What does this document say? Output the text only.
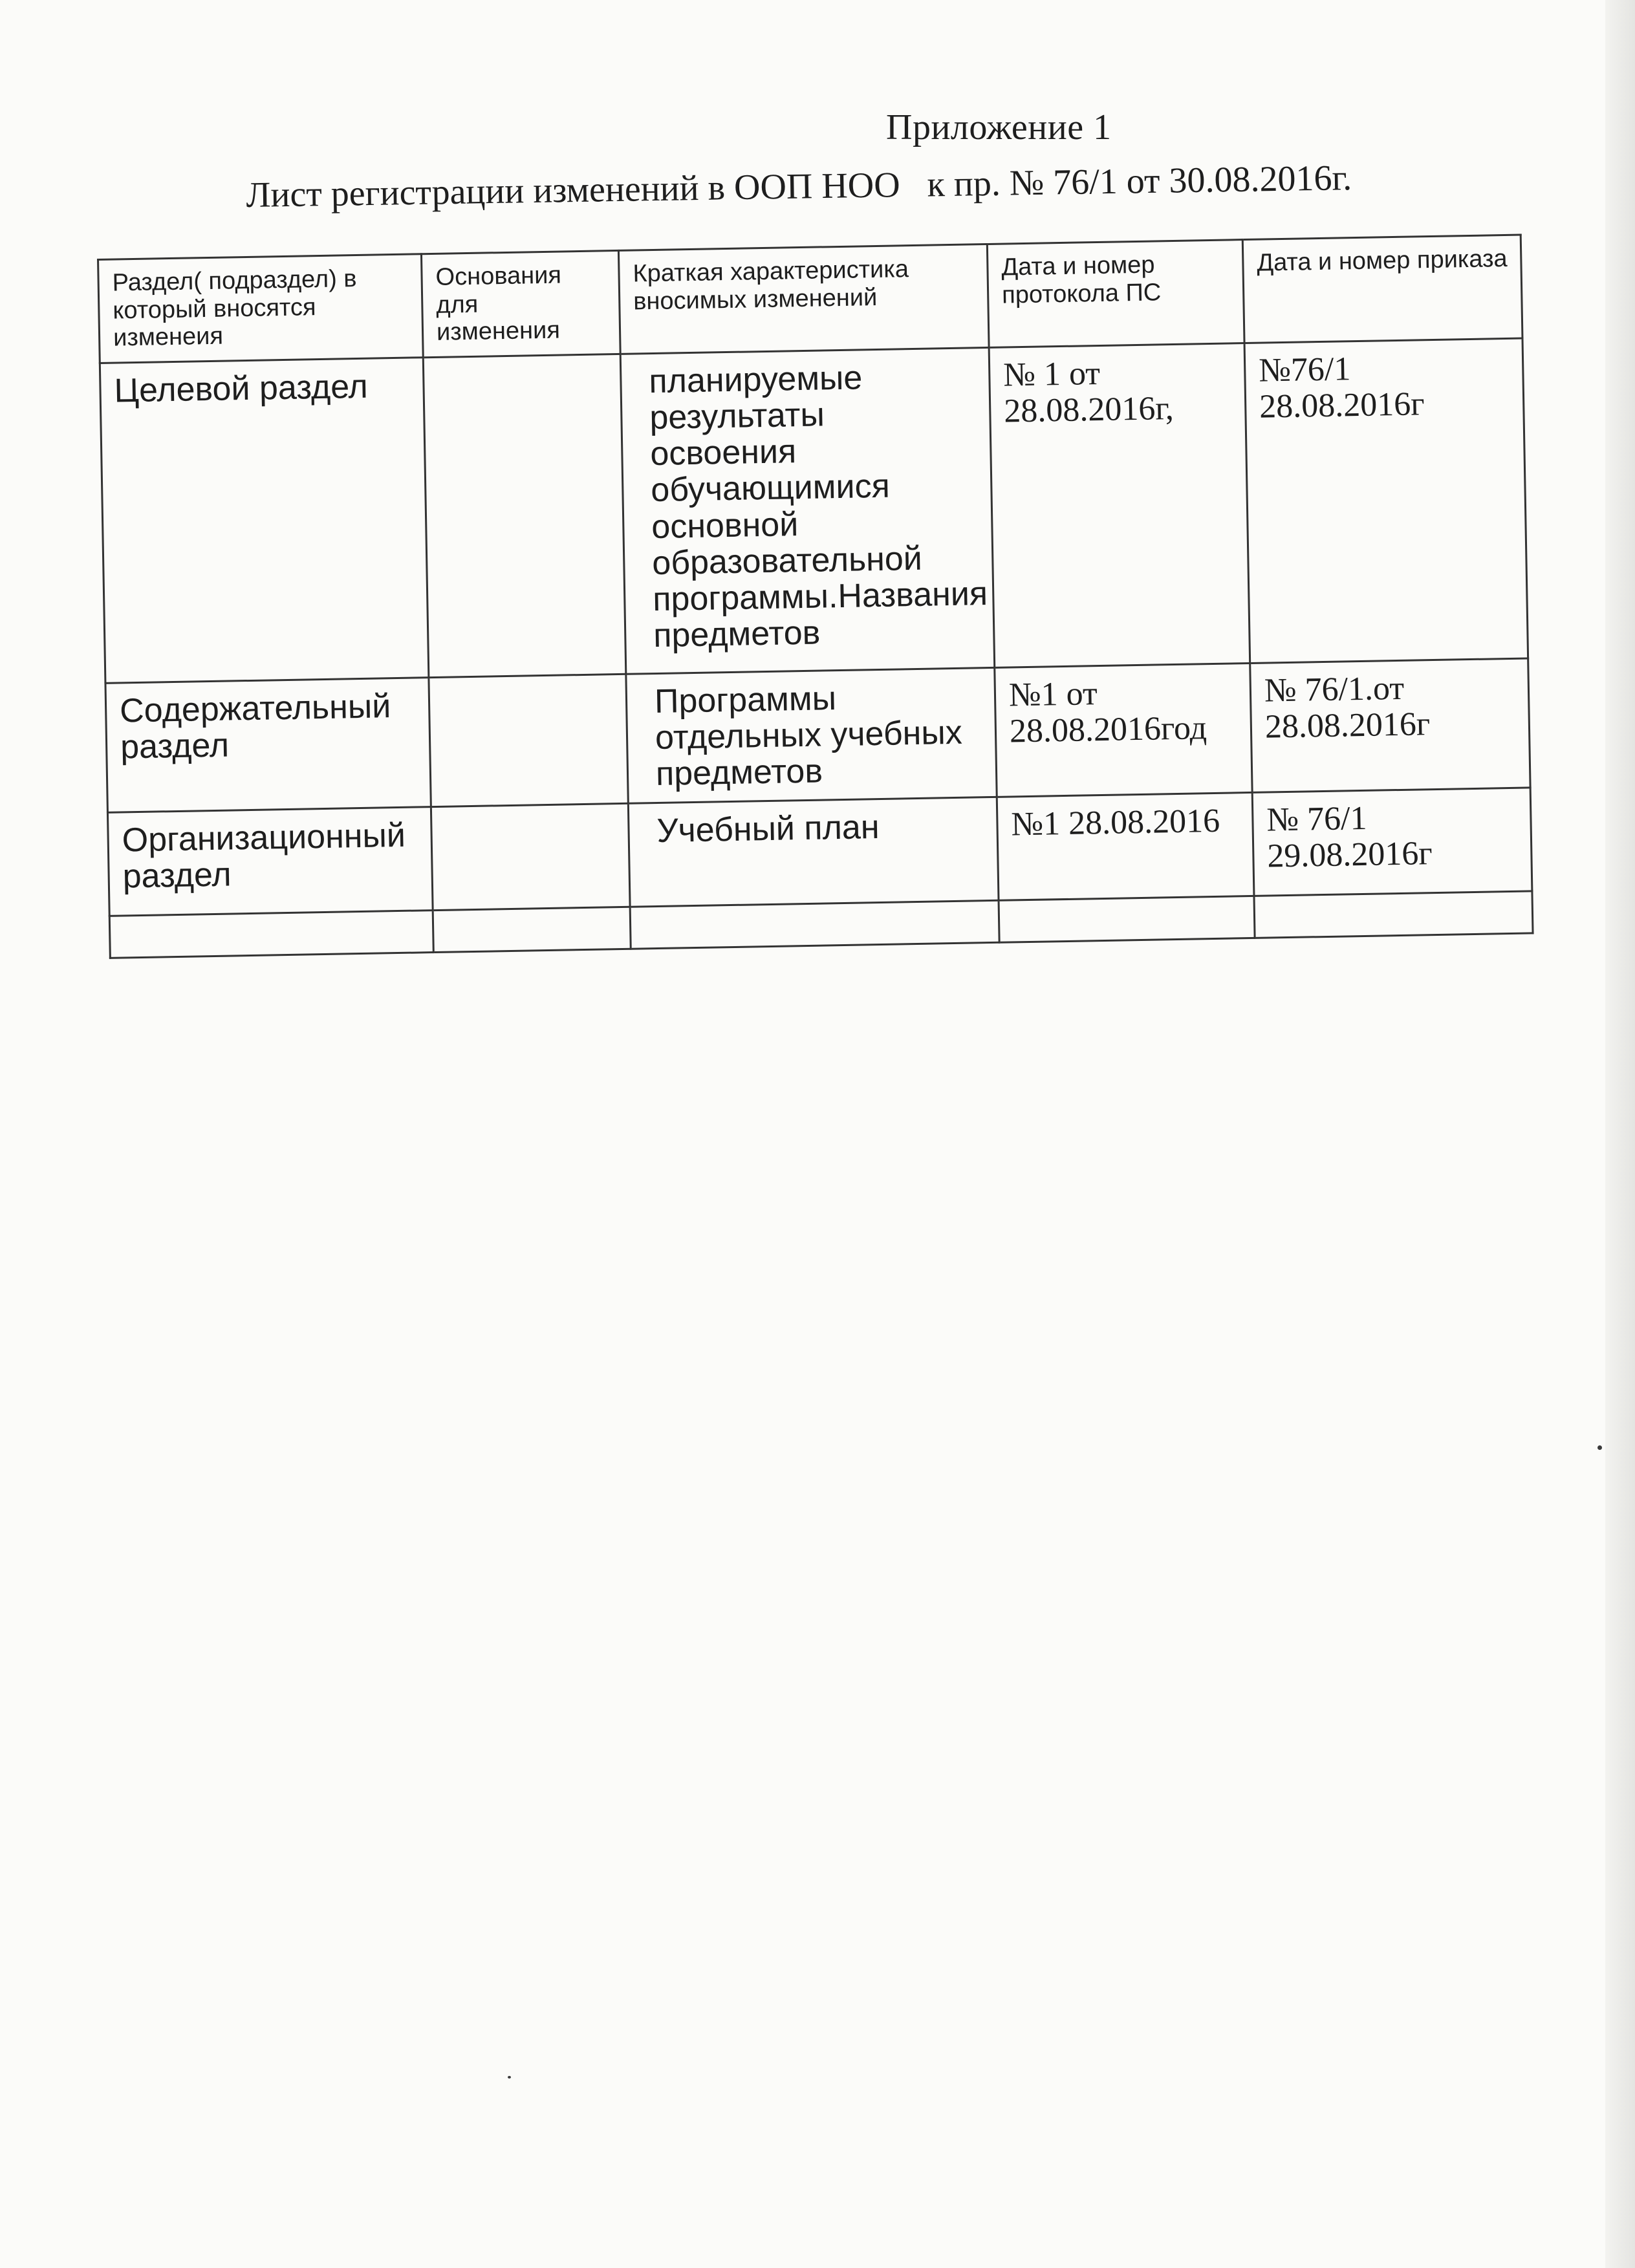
Приложение 1
Лист регистрации изменений в ООП НОО   к пр. № 76/1 от 30.08.2016г.
Раздел( подраздел) в который вносятся изменеия	Основания для изменения	Краткая характеристика вносимых изменений	Дата и номер протокола ПС	Дата и номер приказа
Целевой раздел		планируемые результаты освоения обучающимися основной образовательной программы.Названия предметов	№ 1 от 28.08.2016г,	№76/1 28.08.2016г
Содержательный раздел		Программы отдельных учебных предметов	№1 от 28.08.2016год	№ 76/1.от 28.08.2016г
Организационный раздел		Учебный план	№1 28.08.2016	№ 76/1 29.08.2016г
